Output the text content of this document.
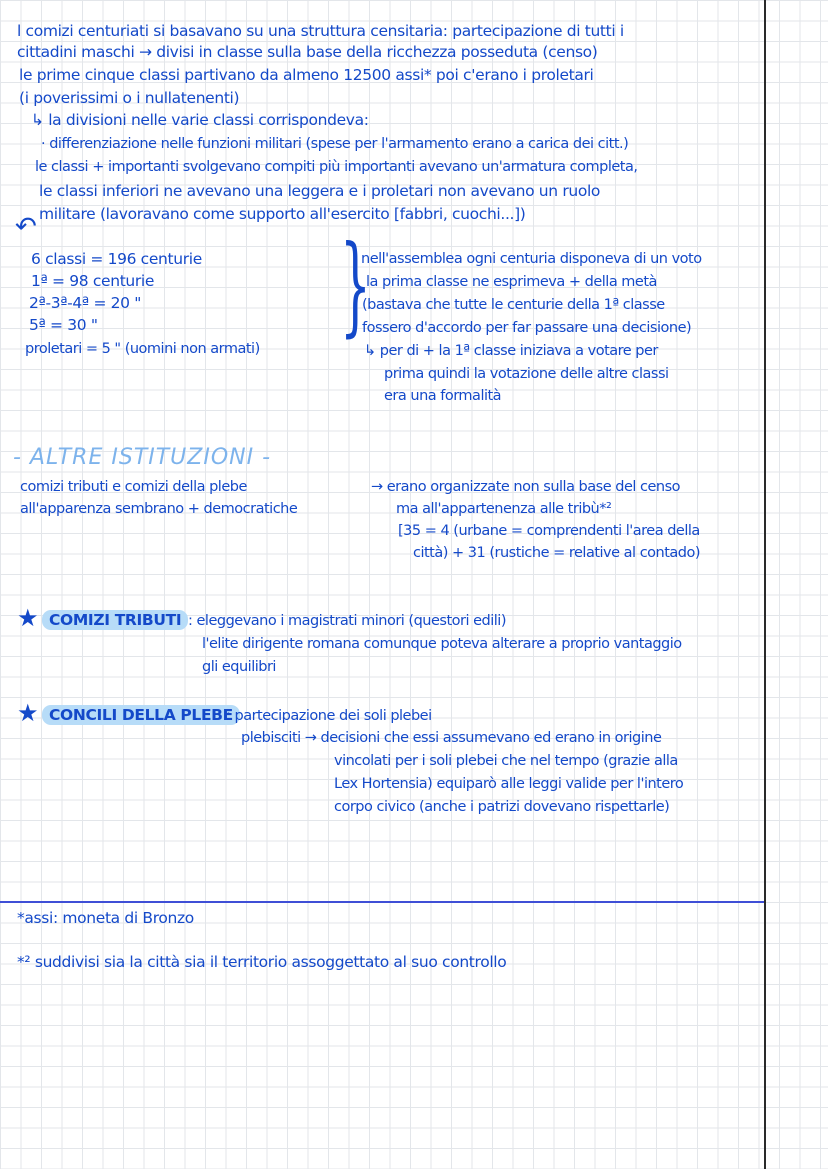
l comizi centuriati si basavano su una struttura censitaria: partecipazione di tutti i
cittadini maschi → divisi in classe sulla base della ricchezza posseduta (censo)
le prime cinque classi partivano da almeno 12500 assi* poi c'erano i proletari
(i poverissimi o i nullatenenti)
↳ la divisioni nelle varie classi corrispondeva:
· differenziazione nelle funzioni militari (spese per l'armamento erano a carica dei citt.)
le classi + importanti svolgevano compiti più importanti avevano un'armatura completa,
le classi inferiori ne avevano una leggera e i proletari non avevano un ruolo
militare (lavoravano come supporto all'esercito [fabbri, cuochi...])
↶
6 classi = 196 centurie
1ª = 98 centurie
2ª-3ª-4ª = 20 "
5ª = 30 "
proletari = 5 " (uomini non armati)
}
nell'assemblea ogni centuria disponeva di un voto
la prima classe ne esprimeva + della metà
(bastava che tutte le centurie della 1ª classe
fossero d'accordo per far passare una decisione)
↳ per di + la 1ª classe iniziava a votare per
prima quindi la votazione delle altre classi
era una formalità
- ALTRE ISTITUZIONI -
comizi tributi e comizi della plebe
all'apparenza sembrano + democratiche
→ erano organizzate non sulla base del censo
ma all'appartenenza alle tribù*²
[35 = 4 (urbane = comprendenti l'area della
città) + 31 (rustiche = relative al contado)
★ COMIZI TRIBUTI : eleggevano i magistrati minori (questori edili)
l'elite dirigente romana comunque poteva alterare a proprio vantaggio
gli equilibri
★ CONCILI DELLA PLEBE
: partecipazione dei soli plebei
plebisciti → decisioni che essi assumevano ed erano in origine
vincolati per i soli plebei che nel tempo (grazie alla
Lex Hortensia) equiparò alle leggi valide per l'intero
corpo civico (anche i patrizi dovevano rispettarle)
*assi: moneta di Bronzo
*² suddivisi sia la città sia il territorio assoggettato al suo controllo
